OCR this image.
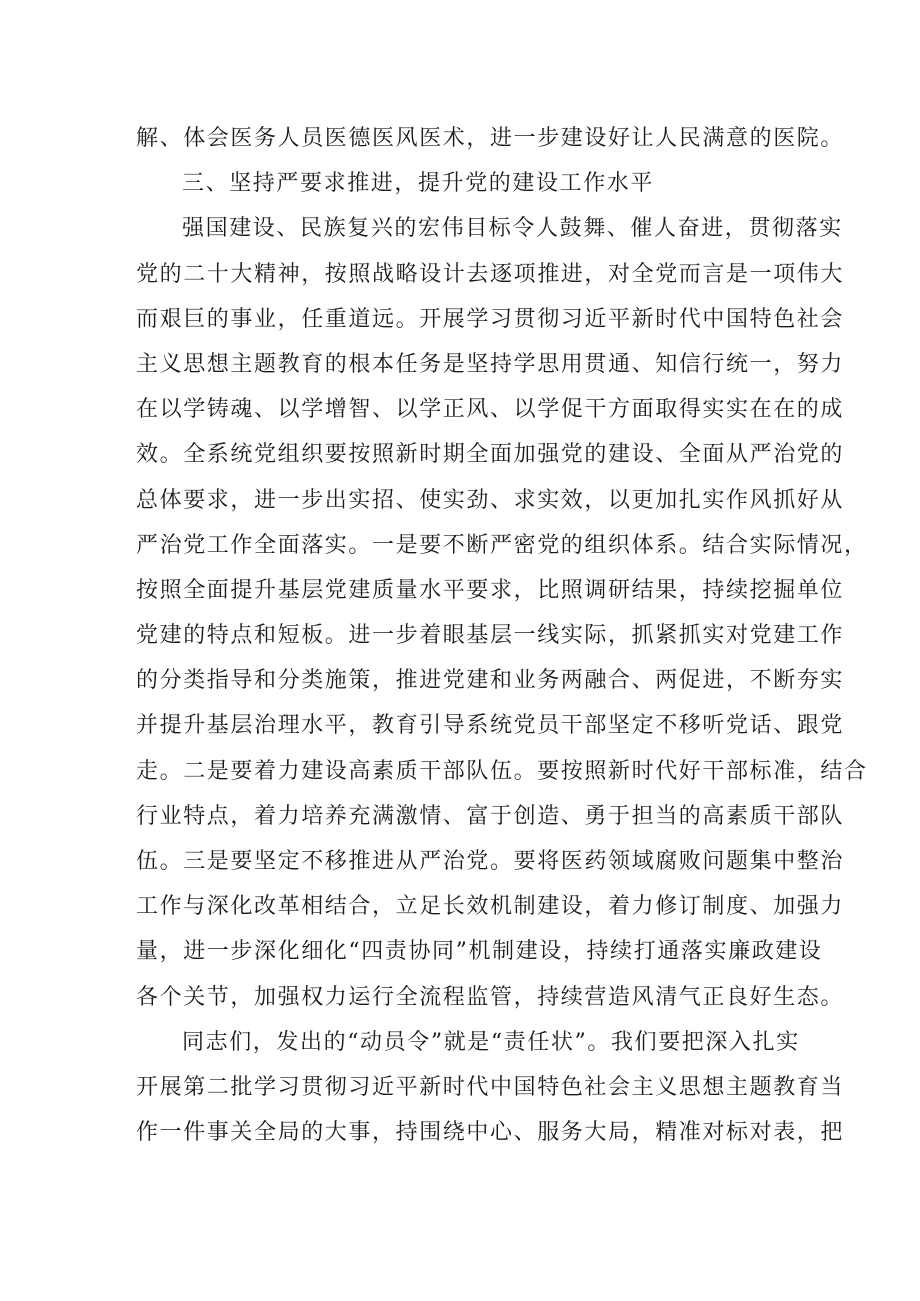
解、体会医务人员医德医风医术，进一步建设好让人民满意的医院。
三、坚持严要求推进，提升党的建设工作水平
强国建设、民族复兴的宏伟目标令人鼓舞、催人奋进，贯彻落实
党的二十大精神，按照战略设计去逐项推进，对全党而言是一项伟大
而艰巨的事业，任重道远。开展学习贯彻习近平新时代中国特色社会
主义思想主题教育的根本任务是坚持学思用贯通、知信行统一，努力
在以学铸魂、以学增智、以学正风、以学促干方面取得实实在在的成
效。全系统党组织要按照新时期全面加强党的建设、全面从严治党的
总体要求，进一步出实招、使实劲、求实效，以更加扎实作风抓好从
严治党工作全面落实。一是要不断严密党的组织体系。结合实际情况，
按照全面提升基层党建质量水平要求，比照调研结果，持续挖掘单位
党建的特点和短板。进一步着眼基层一线实际，抓紧抓实对党建工作
的分类指导和分类施策，推进党建和业务两融合、两促进，不断夯实
并提升基层治理水平，教育引导系统党员干部坚定不移听党话、跟党
走。二是要着力建设高素质干部队伍。要按照新时代好干部标准，结合
行业特点，着力培养充满激情、富于创造、勇于担当的高素质干部队
伍。三是要坚定不移推进从严治党。要将医药领域腐败问题集中整治
工作与深化改革相结合，立足长效机制建设，着力修订制度、加强力
量，进一步深化细化“四责协同”机制建设，持续打通落实廉政建设
各个关节，加强权力运行全流程监管，持续营造风清气正良好生态。
同志们，发出的“动员令”就是“责任状”。我们要把深入扎实
开展第二批学习贯彻习近平新时代中国特色社会主义思想主题教育当
作一件事关全局的大事，持围绕中心、服务大局，精准对标对表，把
